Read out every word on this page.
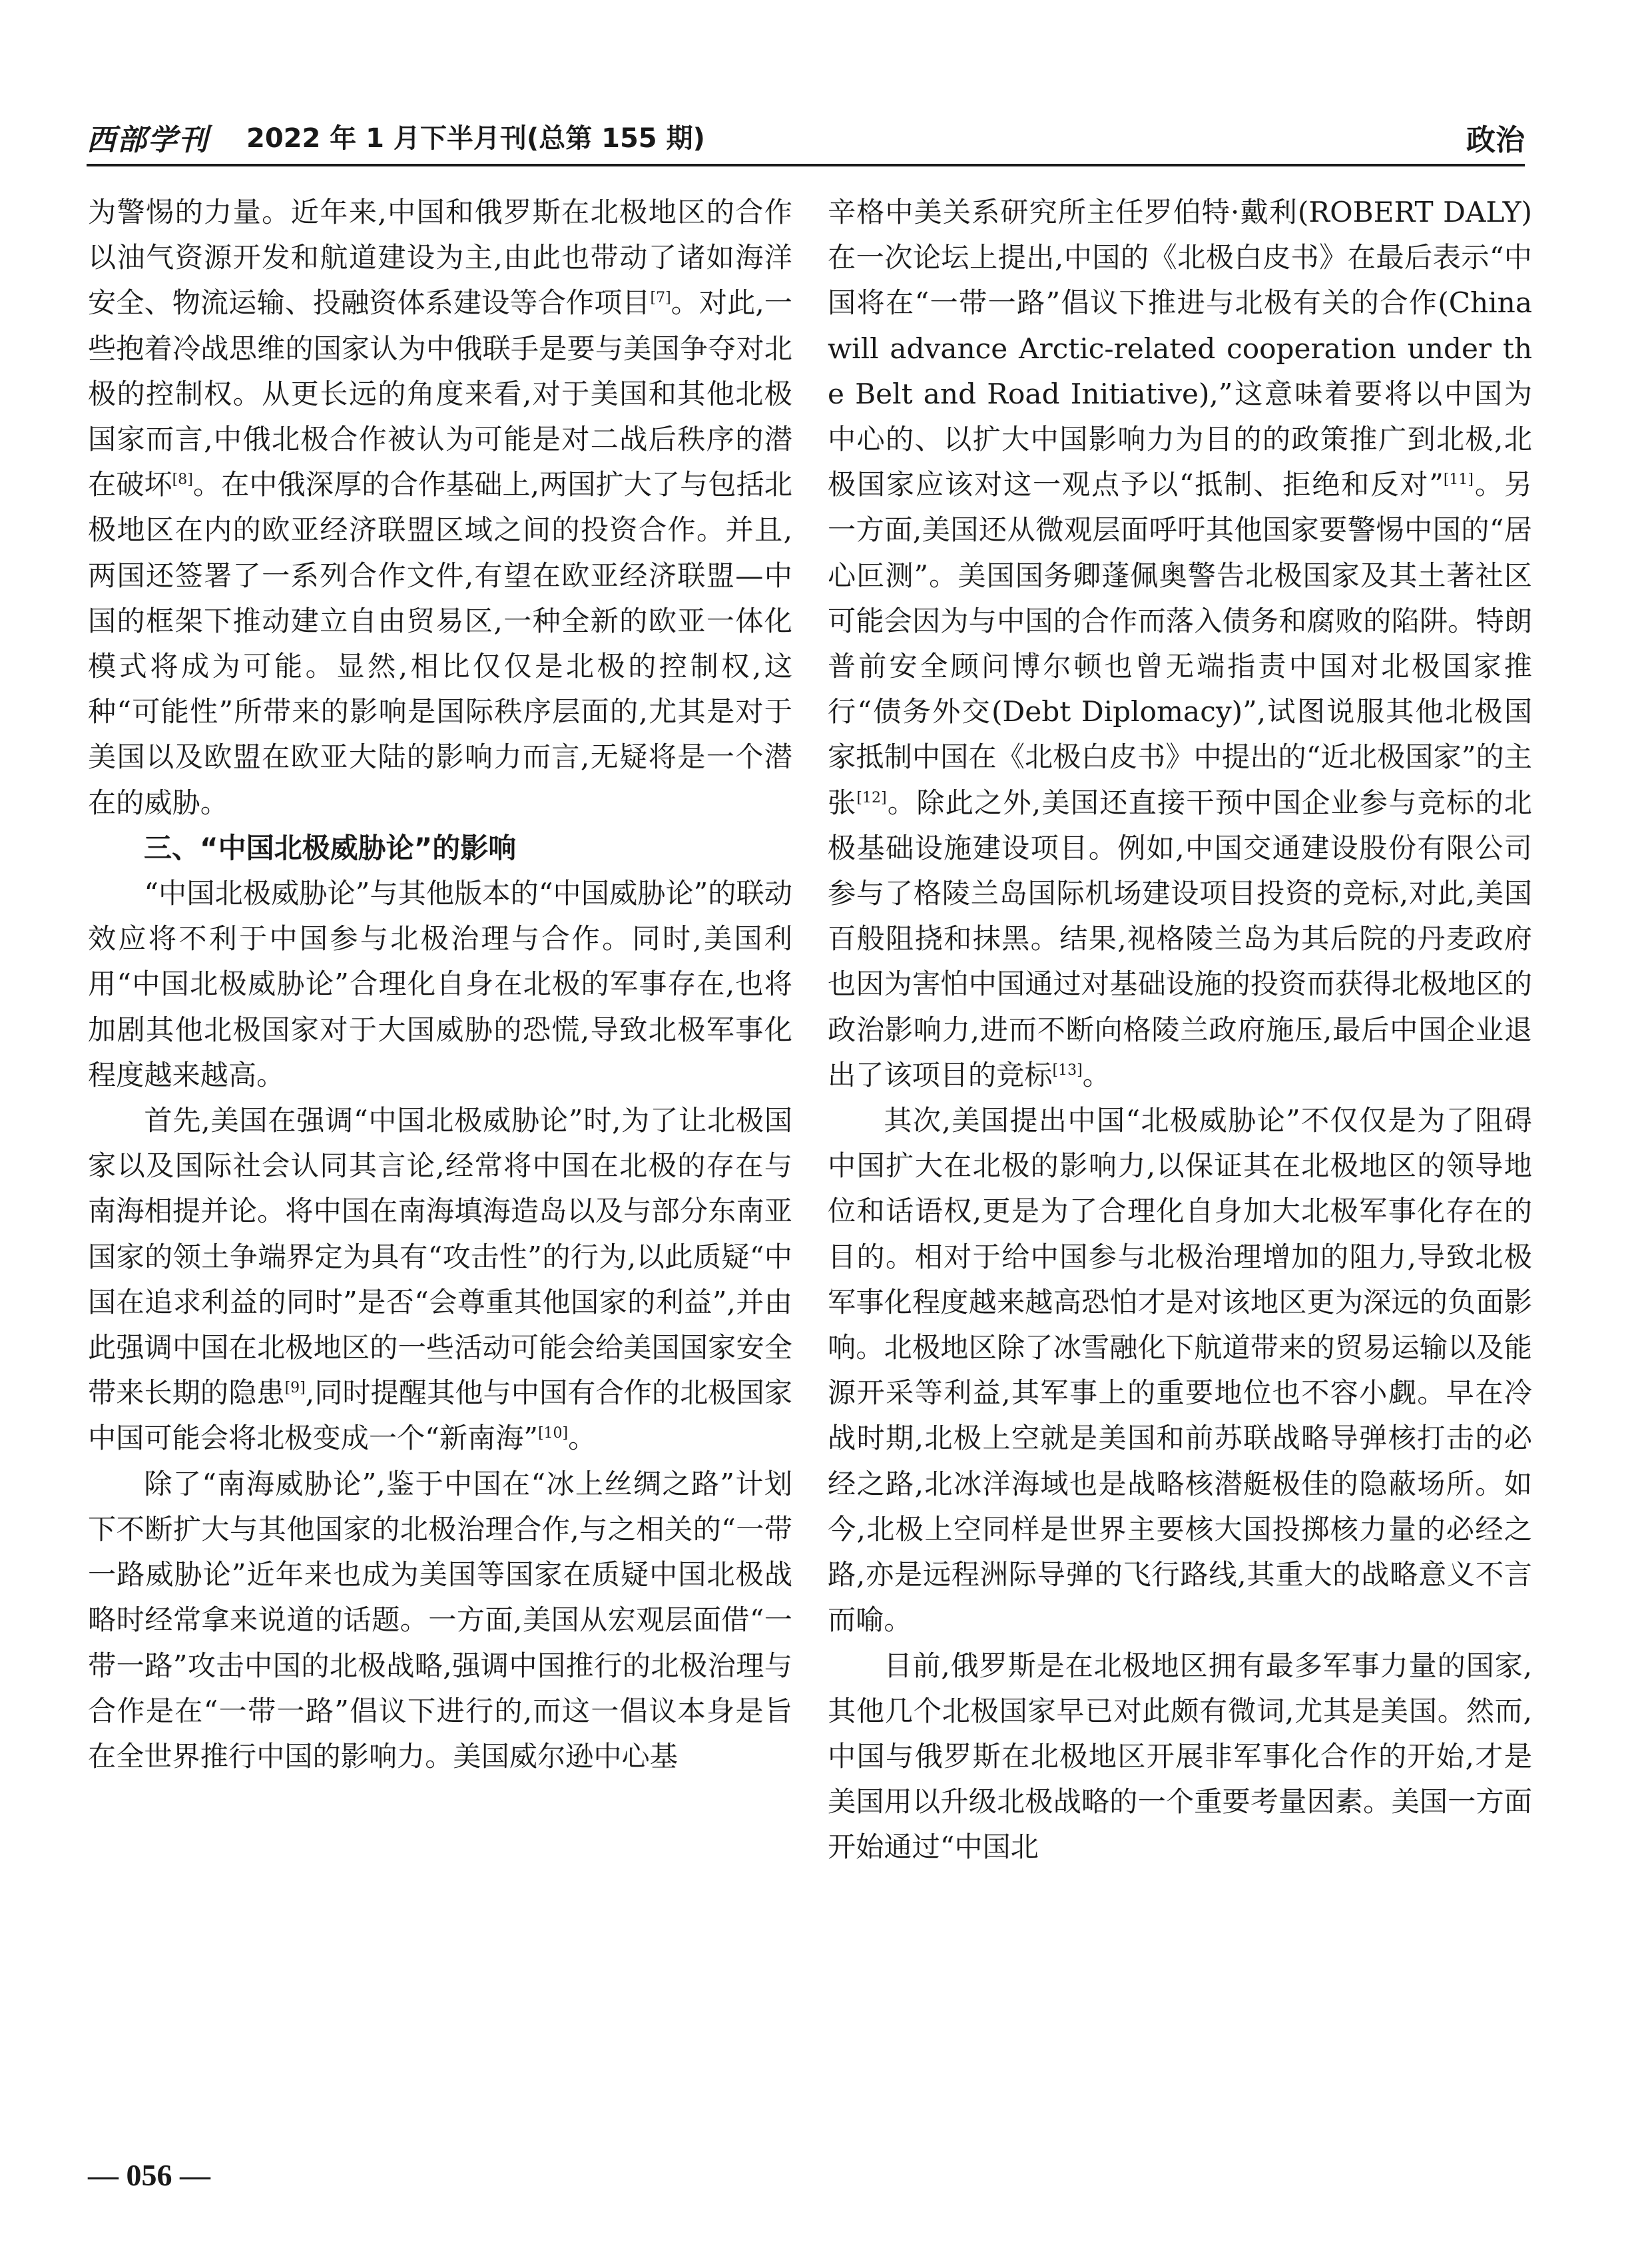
西部学刊 2022 年 1 月下半月刊(总第 155 期)	政治

为警惕的力量。近年来,中国和俄罗斯在北极地区的合作以油气资源开发和航道建设为主,由此也带动了诸如海洋安全、物流运输、投融资体系建设等合作项目[7]。对此,一些抱着冷战思维的国家认为中俄联手是要与美国争夺对北极的控制权。从更长远的角度来看,对于美国和其他北极国家而言,中俄北极合作被认为可能是对二战后秩序的潜在破坏[8]。在中俄深厚的合作基础上,两国扩大了与包括北极地区在内的欧亚经济联盟区域之间的投资合作。并且,两国还签署了一系列合作文件,有望在欧亚经济联盟—中国的框架下推动建立自由贸易区,一种全新的欧亚一体化模式将成为可能。显然,相比仅仅是北极的控制权,这种“可能性”所带来的影响是国际秩序层面的,尤其是对于美国以及欧盟在欧亚大陆的影响力而言,无疑将是一个潜在的威胁。

三、“中国北极威胁论”的影响

“中国北极威胁论”与其他版本的“中国威胁论”的联动效应将不利于中国参与北极治理与合作。同时,美国利用“中国北极威胁论”合理化自身在北极的军事存在,也将加剧其他北极国家对于大国威胁的恐慌,导致北极军事化程度越来越高。

首先,美国在强调“中国北极威胁论”时,为了让北极国家以及国际社会认同其言论,经常将中国在北极的存在与南海相提并论。将中国在南海填海造岛以及与部分东南亚国家的领土争端界定为具有“攻击性”的行为,以此质疑“中国在追求利益的同时”是否“会尊重其他国家的利益”,并由此强调中国在北极地区的一些活动可能会给美国国家安全带来长期的隐患[9],同时提醒其他与中国有合作的北极国家中国可能会将北极变成一个“新南海”[10]。

除了“南海威胁论”,鉴于中国在“冰上丝绸之路”计划下不断扩大与其他国家的北极治理合作,与之相关的“一带一路威胁论”近年来也成为美国等国家在质疑中国北极战略时经常拿来说道的话题。一方面,美国从宏观层面借“一带一路”攻击中国的北极战略,强调中国推行的北极治理与合作是在“一带一路”倡议下进行的,而这一倡议本身是旨在全世界推行中国的影响力。美国威尔逊中心基

辛格中美关系研究所主任罗伯特·戴利(ROBERT DALY)在一次论坛上提出,中国的《北极白皮书》在最后表示“中国将在“一带一路”倡议下推进与北极有关的合作(China will advance Arctic-related cooperation under the Belt and Road Initiative),”这意味着要将以中国为中心的、以扩大中国影响力为目的的政策推广到北极,北极国家应该对这一观点予以“抵制、拒绝和反对”[11]。另一方面,美国还从微观层面呼吁其他国家要警惕中国的“居心叵测”。美国国务卿蓬佩奥警告北极国家及其土著社区可能会因为与中国的合作而落入债务和腐败的陷阱。特朗普前安全顾问博尔顿也曾无端指责中国对北极国家推行“债务外交(Debt Diplomacy)”,试图说服其他北极国家抵制中国在《北极白皮书》中提出的“近北极国家”的主张[12]。除此之外,美国还直接干预中国企业参与竞标的北极基础设施建设项目。例如,中国交通建设股份有限公司参与了格陵兰岛国际机场建设项目投资的竞标,对此,美国百般阻挠和抹黑。结果,视格陵兰岛为其后院的丹麦政府也因为害怕中国通过对基础设施的投资而获得北极地区的政治影响力,进而不断向格陵兰政府施压,最后中国企业退出了该项目的竞标[13]。

其次,美国提出中国“北极威胁论”不仅仅是为了阻碍中国扩大在北极的影响力,以保证其在北极地区的领导地位和话语权,更是为了合理化自身加大北极军事化存在的目的。相对于给中国参与北极治理增加的阻力,导致北极军事化程度越来越高恐怕才是对该地区更为深远的负面影响。北极地区除了冰雪融化下航道带来的贸易运输以及能源开采等利益,其军事上的重要地位也不容小觑。早在冷战时期,北极上空就是美国和前苏联战略导弹核打击的必经之路,北冰洋海域也是战略核潜艇极佳的隐蔽场所。如今,北极上空同样是世界主要核大国投掷核力量的必经之路,亦是远程洲际导弹的飞行路线,其重大的战略意义不言而喻。

目前,俄罗斯是在北极地区拥有最多军事力量的国家,其他几个北极国家早已对此颇有微词,尤其是美国。然而,中国与俄罗斯在北极地区开展非军事化合作的开始,才是美国用以升级北极战略的一个重要考量因素。美国一方面开始通过“中国北

— 056 —
